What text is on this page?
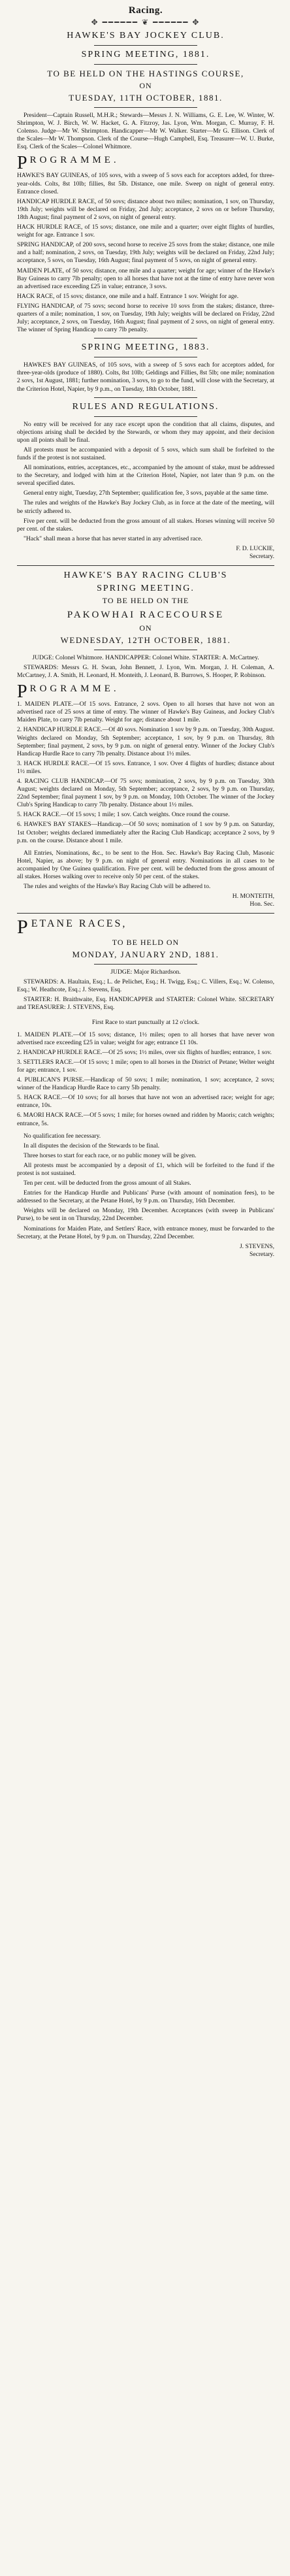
Racing.
✥ ━━━━━━ ❦ ━━━━━━ ✥
HAWKE'S BAY JOCKEY CLUB.
SPRING MEETING, 1881.
TO BE HELD ON THE HASTINGS COURSE,
ON
TUESDAY, 11TH OCTOBER, 1881.

President—Captain Russell, M.H.R.; Stewards—Messrs J. N. Williams, G. E. Lee, W. Winter, W. Shrimpton, W. J. Birch, W. W. Hacket, G. A. Fitzroy, Jas. Lyon, Wm. Morgan, C. Murray, F. H. Colenso. Judge—Mr W. Shrimpton. Handicapper—Mr W. Walker. Starter—Mr G. Ellison. Clerk of the Scales—Mr W. Thompson. Clerk of the Course—Hugh Campbell, Esq. Treasurer—W. U. Burke, Esq. Clerk of the Scales—Colonel Whitmore.

P ROGRAMME.

HAWKE'S BAY GUINEAS, of 105 sovs, with a sweep of 5 sovs each for acceptors added, for three-year-olds. Colts, 8st 10lb; fillies, 8st 5lb. Distance, one mile. Sweep on night of general entry. Entrance closed.

HANDICAP HURDLE RACE, of 50 sovs; distance about two miles; nomination, 1 sov, on Thursday, 19th July; weights will be declared on Friday, 2nd July; acceptance, 2 sovs on or before Thursday, 18th August; final payment of 2 sovs, on night of general entry.

HACK HURDLE RACE, of 15 sovs; distance, one mile and a quarter; over eight flights of hurdles, weight for age. Entrance 1 sov.

SPRING HANDICAP, of 200 sovs, second horse to receive 25 sovs from the stake; distance, one mile and a half; nomination, 2 sovs, on Tuesday, 19th July; weights will be declared on Friday, 22nd July; acceptance, 5 sovs, on Tuesday, 16th August; final payment of 5 sovs, on night of general entry.

MAIDEN PLATE, of 50 sovs; distance, one mile and a quarter; weight for age; winner of the Hawke's Bay Guineas to carry 7lb penalty; open to all horses that have not at the time of entry have never won an advertised race exceeding £25 in value; entrance, 3 sovs.

HACK RACE, of 15 sovs; distance, one mile and a half. Entrance 1 sov. Weight for age.

FLYING HANDICAP, of 75 sovs; second horse to receive 10 sovs from the stakes; distance, three-quarters of a mile; nomination, 1 sov, on Tuesday, 19th July; weights will be declared on Friday, 22nd July; acceptance, 2 sovs, on Tuesday, 16th August; final payment of 2 sovs, on night of general entry. The winner of Spring Handicap to carry 7lb penalty.

SPRING MEETING, 1883.

HAWKE'S BAY GUINEAS, of 105 sovs, with a sweep of 5 sovs each for acceptors added, for three-year-olds (produce of 1880). Colts, 8st 10lb; Geldings and Fillies, 8st 5lb; one mile; nomination 2 sovs, 1st August, 1881; further nomination, 3 sovs, to go to the fund, will close with the Secretary, at the Criterion Hotel, Napier, by 9 p.m., on Tuesday, 18th October, 1881.

RULES AND REGULATIONS.

No entry will be received for any race except upon the condition that all claims, disputes, and objections arising shall be decided by the Stewards, or whom they may appoint, and their decision upon all points shall be final.

All protests must be accompanied with a deposit of 5 sovs, which sum shall be forfeited to the funds if the protest is not sustained.

All nominations, entries, acceptances, etc., accompanied by the amount of stake, must be addressed to the Secretary, and lodged with him at the Criterion Hotel, Napier, not later than 9 p.m. on the several specified dates.

General entry night, Tuesday, 27th September; qualification fee, 3 sovs, payable at the same time.

The rules and weights of the Hawke's Bay Jockey Club, as in force at the date of the meeting, will be strictly adhered to.

Five per cent. will be deducted from the gross amount of all stakes. Horses winning will receive 50 per cent. of the stakes.

"Hack" shall mean a horse that has never started in any advertised race.

F. D. LUCKIE,
Secretary.
HAWKE'S BAY RACING CLUB'S
SPRING MEETING.
TO BE HELD ON THE
PAKOWHAI RACECOURSE
ON
WEDNESDAY, 12TH OCTOBER, 1881.

JUDGE: Colonel Whitmore. HANDICAPPER: Colonel White. STARTER: A. McCartney.

STEWARDS: Messrs G. H. Swan, John Bennett, J. Lyon, Wm. Morgan, J. H. Coleman, A. McCartney, J. A. Smith, H. Leonard, H. Monteith, J. Leonard, B. Burrows, S. Hooper, P. Robinson.

P ROGRAMME.

1. MAIDEN PLATE.—Of 15 sovs. Entrance, 2 sovs. Open to all horses that have not won an advertised race of 25 sovs at time of entry. The winner of Hawke's Bay Guineas, and Jockey Club's Maiden Plate, to carry 7lb penalty. Weight for age; distance about 1 mile.

2. HANDICAP HURDLE RACE.—Of 40 sovs. Nomination 1 sov by 9 p.m. on Tuesday, 30th August. Weights declared on Monday, 5th September; acceptance, 1 sov, by 9 p.m. on Thursday, 8th September; final payment, 2 sovs, by 9 p.m. on night of general entry. Winner of the Jockey Club's Handicap Hurdle Race to carry 7lb penalty. Distance about 1½ miles.

3. HACK HURDLE RACE.—Of 15 sovs. Entrance, 1 sov. Over 4 flights of hurdles; distance about 1½ miles.

4. RACING CLUB HANDICAP.—Of 75 sovs; nomination, 2 sovs, by 9 p.m. on Tuesday, 30th August; weights declared on Monday, 5th September; acceptance, 2 sovs, by 9 p.m. on Thursday, 22nd September; final payment 1 sov, by 9 p.m. on Monday, 10th October. The winner of the Jockey Club's Spring Handicap to carry 7lb penalty. Distance about 1½ miles.

5. HACK RACE.—Of 15 sovs; 1 mile; 1 sov. Catch weights. Once round the course.

6. HAWKE'S BAY STAKES—Handicap.—Of 50 sovs; nomination of 1 sov by 9 p.m. on Saturday, 1st October; weights declared immediately after the Racing Club Handicap; acceptance 2 sovs, by 9 p.m. on the course. Distance about 1 mile.

All Entries, Nominations, &c., to be sent to the Hon. Sec. Hawke's Bay Racing Club, Masonic Hotel, Napier, as above; by 9 p.m. on night of general entry. Nominations in all cases to be accompanied by One Guinea qualification. Five per cent. will be deducted from the gross amount of all stakes. Horses walking over to receive only 50 per cent. of the stakes.

The rules and weights of the Hawke's Bay Racing Club will be adhered to.

H. MONTEITH,
Hon. Sec.
P ETANE RACES,
TO BE HELD ON
MONDAY, JANUARY 2ND, 1881.

JUDGE: Major Richardson.

STEWARDS: A. Haultain, Esq.; L. de Pelichet, Esq.; H. Twigg, Esq.; C. Villers, Esq.; W. Colenso, Esq.; W. Heathcote, Esq.; J. Stevens, Esq.

STARTER: H. Braithwaite, Esq. HANDICAPPER and STARTER: Colonel White. SECRETARY and TREASURER: J. STEVENS, Esq.

First Race to start punctually at 12 o'clock.

1. MAIDEN PLATE.—Of 15 sovs; distance, 1½ miles; open to all horses that have never won advertised race exceeding £25 in value; weight for age; entrance £1 10s.

2. HANDICAP HURDLE RACE.—Of 25 sovs; 1½ miles, over six flights of hurdles; entrance, 1 sov.

3. SETTLERS RACE.—Of 15 sovs; 1 mile; open to all horses in the District of Petane; Welter weight for age; entrance, 1 sov.

4. PUBLICAN'S PURSE.—Handicap of 50 sovs; 1 mile; nomination, 1 sov; acceptance, 2 sovs; winner of the Handicap Hurdle Race to carry 5lb penalty.

5. HACK RACE.—Of 10 sovs; for all horses that have not won an advertised race; weight for age; entrance, 10s.

6. MAORI HACK RACE.—Of 5 sovs; 1 mile; for horses owned and ridden by Maoris; catch weights; entrance, 5s.

No qualification fee necessary.

In all disputes the decision of the Stewards to be final.

Three horses to start for each race, or no public money will be given.

All protests must be accompanied by a deposit of £1, which will be forfeited to the fund if the protest is not sustained.

Ten per cent. will be deducted from the gross amount of all Stakes.

Entries for the Handicap Hurdle and Publicans' Purse (with amount of nomination fees), to be addressed to the Secretary, at the Petane Hotel, by 9 p.m. on Thursday, 16th December.

Weights will be declared on Monday, 19th December. Acceptances (with sweep in Publicans' Purse), to be sent in on Thursday, 22nd December.

Nominations for Maiden Plate, and Settlers' Race, with entrance money, must be forwarded to the Secretary, at the Petane Hotel, by 9 p.m. on Thursday, 22nd December.

J. STEVENS,
Secretary.
